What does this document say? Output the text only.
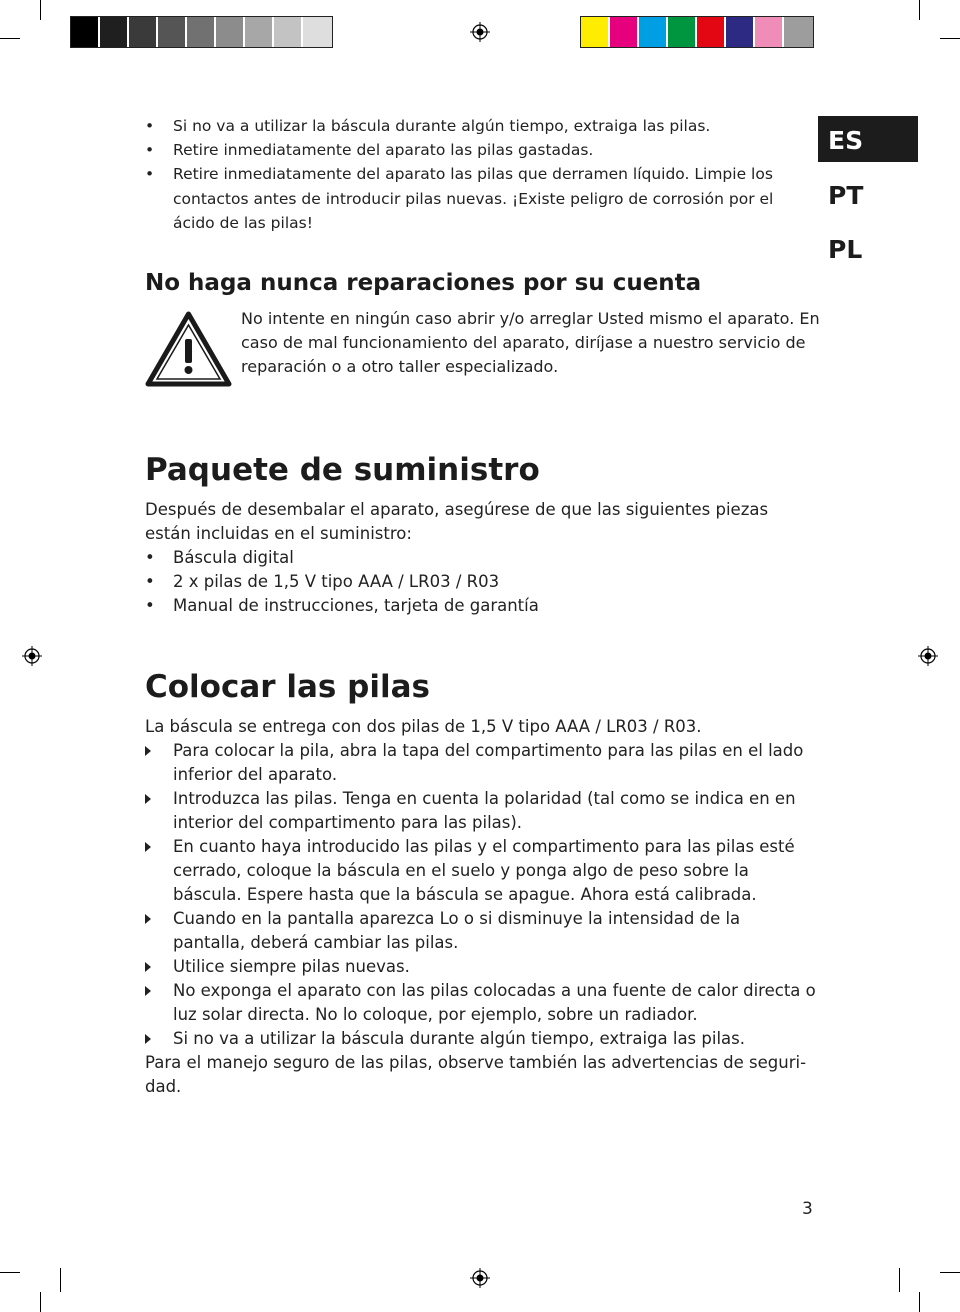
ES
PT
PL
• Si no va a utilizar la báscula durante algún tiempo, extraiga las pilas.
• Retire inmediatamente del aparato las pilas gastadas.
• Retire inmediatamente del aparato las pilas que derramen líquido. Limpie los contactos antes de introducir pilas nuevas. ¡Existe peligro de corrosión por el ácido de las pilas!
No haga nunca reparaciones por su cuenta
No intente en ningún caso abrir y/o arreglar Usted mismo el aparato. En caso de mal funcionamiento del aparato, diríjase a nuestro servicio de reparación o a otro taller especializado.
Paquete de suministro
Después de desembalar el aparato, asegúrese de que las siguientes piezas están incluidas en el suministro:
•	Báscula digital
•	2 x pilas de 1,5 V tipo AAA / LR03 / R03
•	Manual de instrucciones, tarjeta de garantía
Colocar las pilas
La báscula se entrega con dos pilas de 1,5 V tipo AAA / LR03 / R03.
Para colocar la pila, abra la tapa del compartimento para las pilas en el lado inferior del aparato.
Introduzca las pilas. Tenga en cuenta la polaridad (tal como se indica en en interior del compartimento para las pilas).
En cuanto haya introducido las pilas y el compartimento para las pilas esté cerrado, coloque la báscula en el suelo y ponga algo de peso sobre la báscula. Espere hasta que la báscula se apague. Ahora está calibrada.
Cuando en la pantalla aparezca Lo o si disminuye la intensidad de la pantalla, deberá cambiar las pilas.
Utilice siempre pilas nuevas.
No exponga el aparato con las pilas colocadas a una fuente de calor directa o luz solar directa. No lo coloque, por ejemplo, sobre un radiador.
Si no va a utilizar la báscula durante algún tiempo, extraiga las pilas.
Para el manejo seguro de las pilas, observe también las advertencias de seguri-dad.
3
